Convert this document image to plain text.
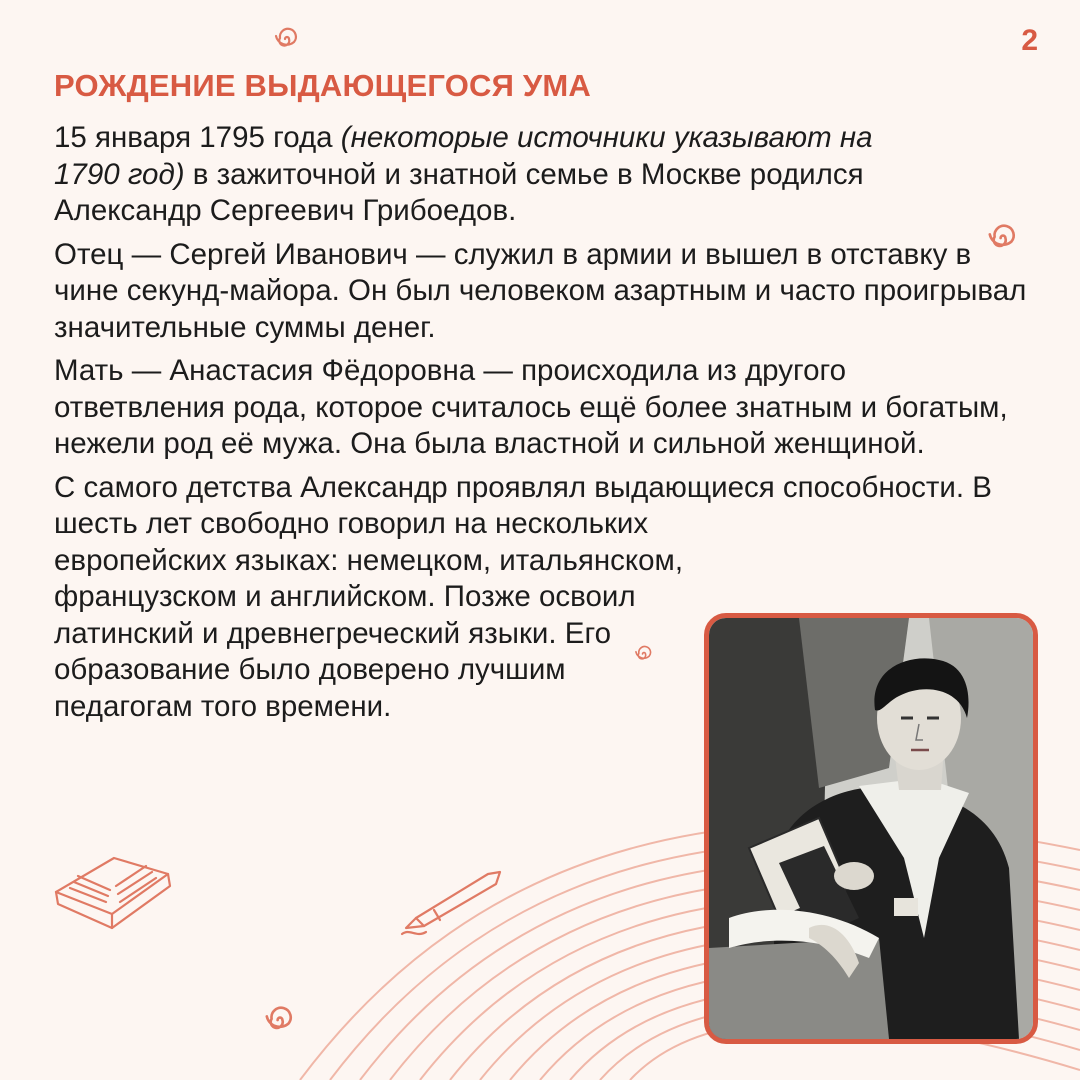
2
РОЖДЕНИЕ ВЫДАЮЩЕГОСЯ УМА

15 января 1795 года (некоторые источники указывают на 1790 год) в зажиточной и знатной семье в Москве родился Александр Сергеевич Грибоедов.

Отец — Сергей Иванович — служил в армии и вышел в отставку в чине секунд-майора. Он был человеком азартным и часто проигрывал значительные суммы денег.

Мать — Анастасия Фёдоровна — происходила из другого ответвления рода, которое считалось ещё более знатным и богатым, нежели род её мужа. Она была властной и сильной женщиной.

С самого детства Александр проявлял выдающиеся способности. В шесть лет свободно говорил на нескольких
европейских языках: немецком, итальянском, французском и английском. Позже освоил латинский и древнегреческий языки. Его образование было доверено лучшим педагогам того времени.
